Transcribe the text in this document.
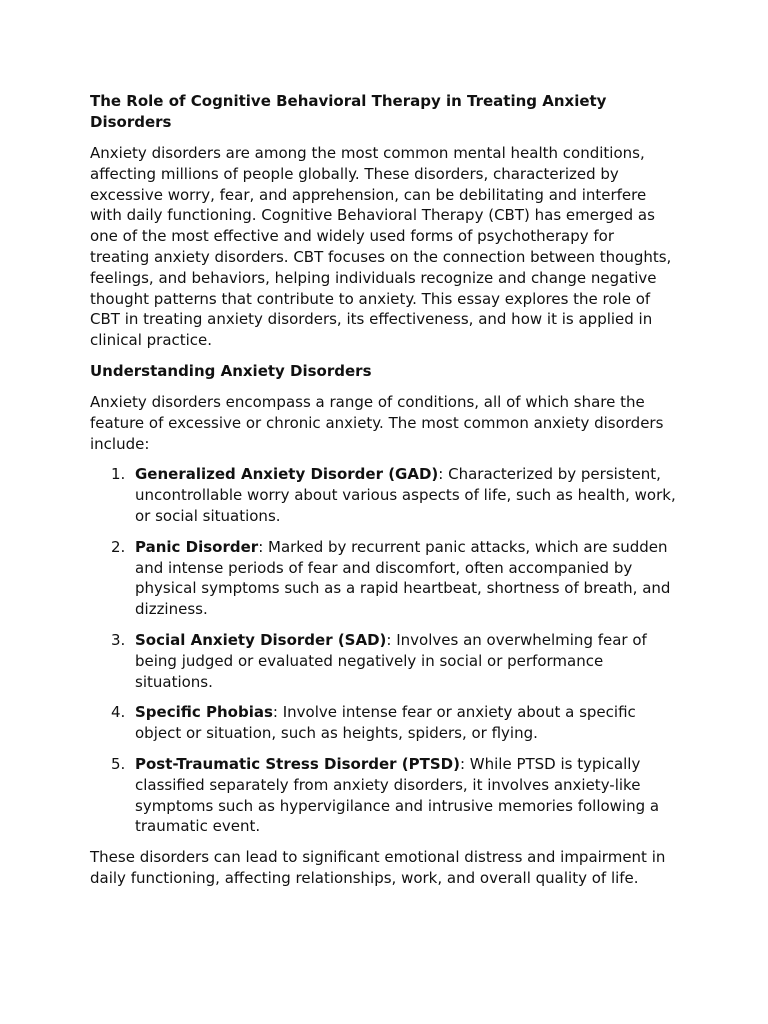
The Role of Cognitive Behavioral Therapy in Treating Anxiety Disorders

Anxiety disorders are among the most common mental health conditions, affecting millions of people globally. These disorders, characterized by excessive worry, fear, and apprehension, can be debilitating and interfere with daily functioning. Cognitive Behavioral Therapy (CBT) has emerged as one of the most effective and widely used forms of psychotherapy for treating anxiety disorders. CBT focuses on the connection between thoughts, feelings, and behaviors, helping individuals recognize and change negative thought patterns that contribute to anxiety. This essay explores the role of CBT in treating anxiety disorders, its effectiveness, and how it is applied in clinical practice.

Understanding Anxiety Disorders

Anxiety disorders encompass a range of conditions, all of which share the feature of excessive or chronic anxiety. The most common anxiety disorders include:

1. Generalized Anxiety Disorder (GAD): Characterized by persistent, uncontrollable worry about various aspects of life, such as health, work, or social situations.
2. Panic Disorder: Marked by recurrent panic attacks, which are sudden and intense periods of fear and discomfort, often accompanied by physical symptoms such as a rapid heartbeat, shortness of breath, and dizziness.
3. Social Anxiety Disorder (SAD): Involves an overwhelming fear of being judged or evaluated negatively in social or performance situations.
4. Specific Phobias: Involve intense fear or anxiety about a specific object or situation, such as heights, spiders, or flying.
5. Post-Traumatic Stress Disorder (PTSD): While PTSD is typically classified separately from anxiety disorders, it involves anxiety-like symptoms such as hypervigilance and intrusive memories following a traumatic event.

These disorders can lead to significant emotional distress and impairment in daily functioning, affecting relationships, work, and overall quality of life.
